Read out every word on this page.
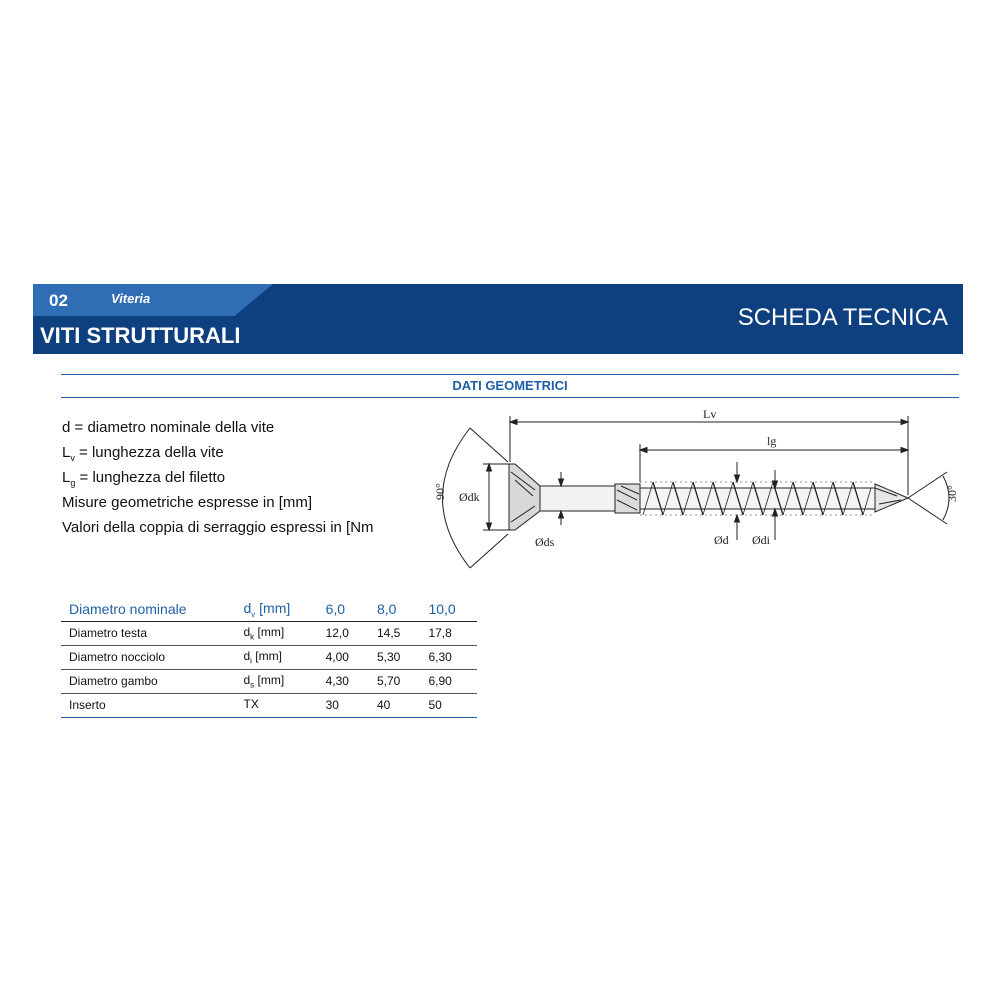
02	Viteria
VITI STRUTTURALI
SCHEDA TECNICA
DATI GEOMETRICI
d = diametro nominale della vite
$L_v$ = lunghezza della vite
$L_g$ = lunghezza del filetto
Misure geometriche espresse in [mm]
Valori della coppia di serraggio espressi in [Nm
Lv
lg
90° Ødk
Øds
30°
Ød Ødi
Diametro nominale	$d_v$ [mm]	6,0	8,0	10,0
Diametro testa	$d_k$ [mm]	12,0	14,5	17,8
Diametro nocciolo	$d_i$ [mm]	4,00	5,30	6,30
Diametro gambo	$d_s$ [mm]	4,30	5,70	6,90
Inserto	TX	30	40	50
